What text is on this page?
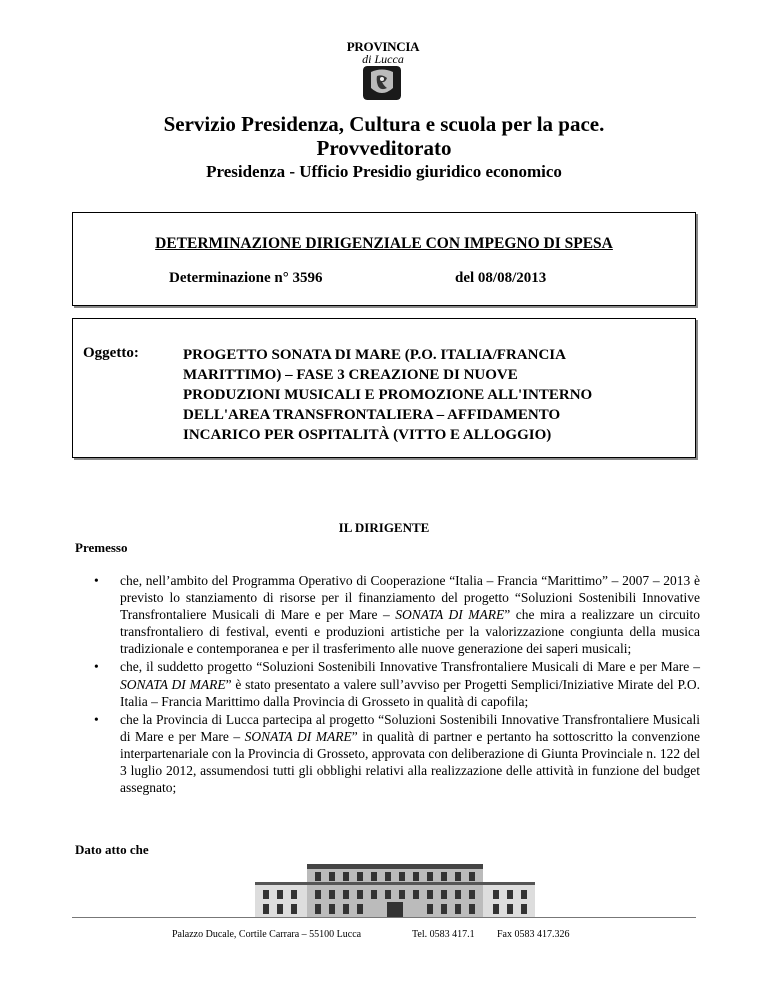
PROVINCIA
di Lucca
Servizio Presidenza, Cultura e scuola per la pace.
Provveditorato
Presidenza - Ufficio Presidio giuridico economico
DETERMINAZIONE DIRIGENZIALE CON IMPEGNO DI SPESA
Determinazione n° 3596	del 08/08/2013
Oggetto:	PROGETTO SONATA DI MARE (P.O. ITALIA/FRANCIA
MARITTIMO) – FASE 3 CREAZIONE DI NUOVE
PRODUZIONI MUSICALI E PROMOZIONE ALL'INTERNO
DELL'AREA TRANSFRONTALIERA – AFFIDAMENTO
INCARICO PER OSPITALITÀ (VITTO E ALLOGGIO)
IL DIRIGENTE
Premesso
• che, nell’ambito del Programma Operativo di Cooperazione “Italia – Francia “Marittimo” – 2007 – 2013 è previsto lo stanziamento di risorse per il finanziamento del progetto “Soluzioni Sostenibili Innovative Transfrontaliere Musicali di Mare e per Mare – SONATA DI MARE” che mira a realizzare un circuito transfrontaliero di festival, eventi e produzioni artistiche per la valorizzazione congiunta della musica tradizionale e contemporanea e per il trasferimento alle nuove generazione dei saperi musicali;
• che, il suddetto progetto “Soluzioni Sostenibili Innovative Transfrontaliere Musicali di Mare e per Mare – SONATA DI MARE” è stato presentato a valere sull’avviso per Progetti Semplici/Iniziative Mirate del P.O. Italia – Francia Marittimo dalla Provincia di Grosseto in qualità di capofila;
• che la Provincia di Lucca partecipa al progetto “Soluzioni Sostenibili Innovative Transfrontaliere Musicali di Mare e per Mare – SONATA DI MARE” in qualità di partner e pertanto ha sottoscritto la convenzione interpartenariale con la Provincia di Grosseto, approvata con deliberazione di Giunta Provinciale n. 122 del 3 luglio 2012, assumendosi tutti gli obblighi relativi alla realizzazione delle attività in funzione del budget assegnato;
Dato atto che
Palazzo Ducale, Cortile Carrara – 55100 Lucca	Tel. 0583 417.1 Fax 0583 417.326
